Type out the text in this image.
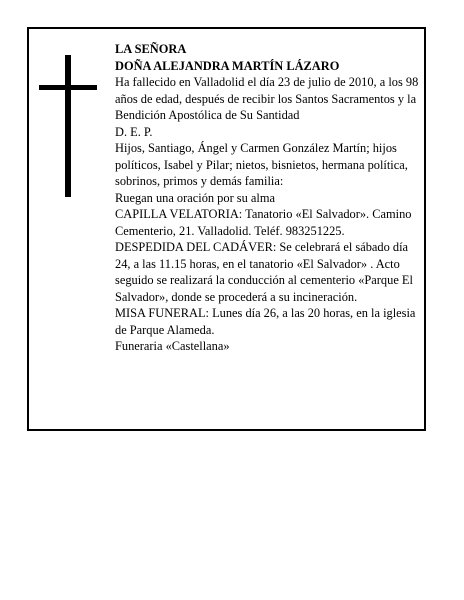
LA SEÑORA

DOÑA ALEJANDRA MARTÍN LÁZARO

Ha fallecido en Valladolid el día 23 de julio de 2010, a los 98 años de edad, después de recibir los Santos Sacramentos y la Bendición Apostólica de Su Santidad

D. E. P.

Hijos, Santiago, Ángel y Carmen González Martín; hijos políticos, Isabel y Pilar; nietos, bisnietos, hermana política, sobrinos, primos y demás familia:

Ruegan una oración por su alma

CAPILLA VELATORIA: Tanatorio «El Salvador». Camino Cementerio, 21. Valladolid. Teléf. 983251225.

DESPEDIDA DEL CADÁVER: Se celebrará el sábado día 24, a las 11.15 horas, en el tanatorio «El Salvador» . Acto seguido se realizará la conducción al cementerio «Parque El Salvador», donde se procederá a su incineración.

MISA FUNERAL: Lunes día 26, a las 20 horas, en la iglesia de Parque Alameda.

Funeraria «Castellana»
